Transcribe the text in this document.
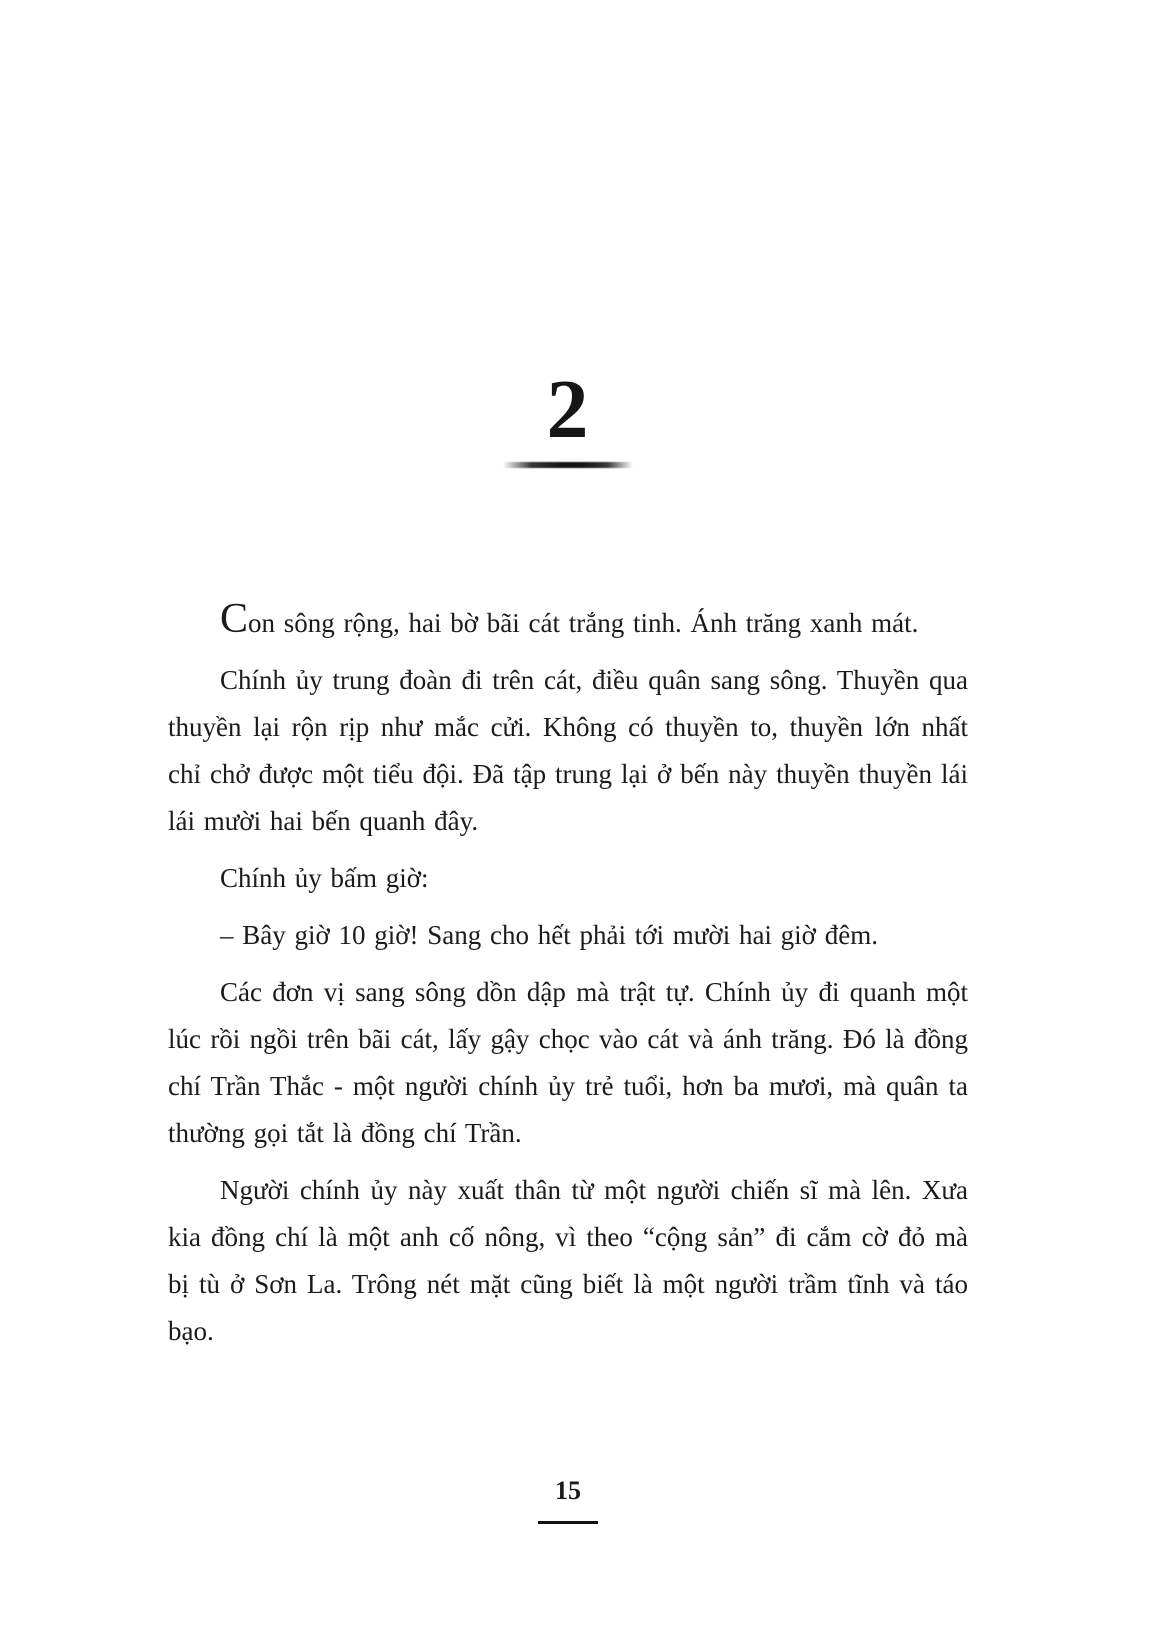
2

Con sông rộng, hai bờ bãi cát trắng tinh. Ánh trăng xanh mát.

Chính ủy trung đoàn đi trên cát, điều quân sang sông. Thuyền qua thuyền lại rộn rịp như mắc cửi. Không có thuyền to, thuyền lớn nhất chỉ chở được một tiểu đội. Đã tập trung lại ở bến này thuyền thuyền lái lái mười hai bến quanh đây.

Chính ủy bấm giờ:

– Bây giờ 10 giờ! Sang cho hết phải tới mười hai giờ đêm.

Các đơn vị sang sông dồn dập mà trật tự. Chính ủy đi quanh một lúc rồi ngồi trên bãi cát, lấy gậy chọc vào cát và ánh trăng. Đó là đồng chí Trần Thắc - một người chính ủy trẻ tuổi, hơn ba mươi, mà quân ta thường gọi tắt là đồng chí Trần.

Người chính ủy này xuất thân từ một người chiến sĩ mà lên. Xưa kia đồng chí là một anh cố nông, vì theo “cộng sản” đi cắm cờ đỏ mà bị tù ở Sơn La. Trông nét mặt cũng biết là một người trầm tĩnh và táo bạo.

15
